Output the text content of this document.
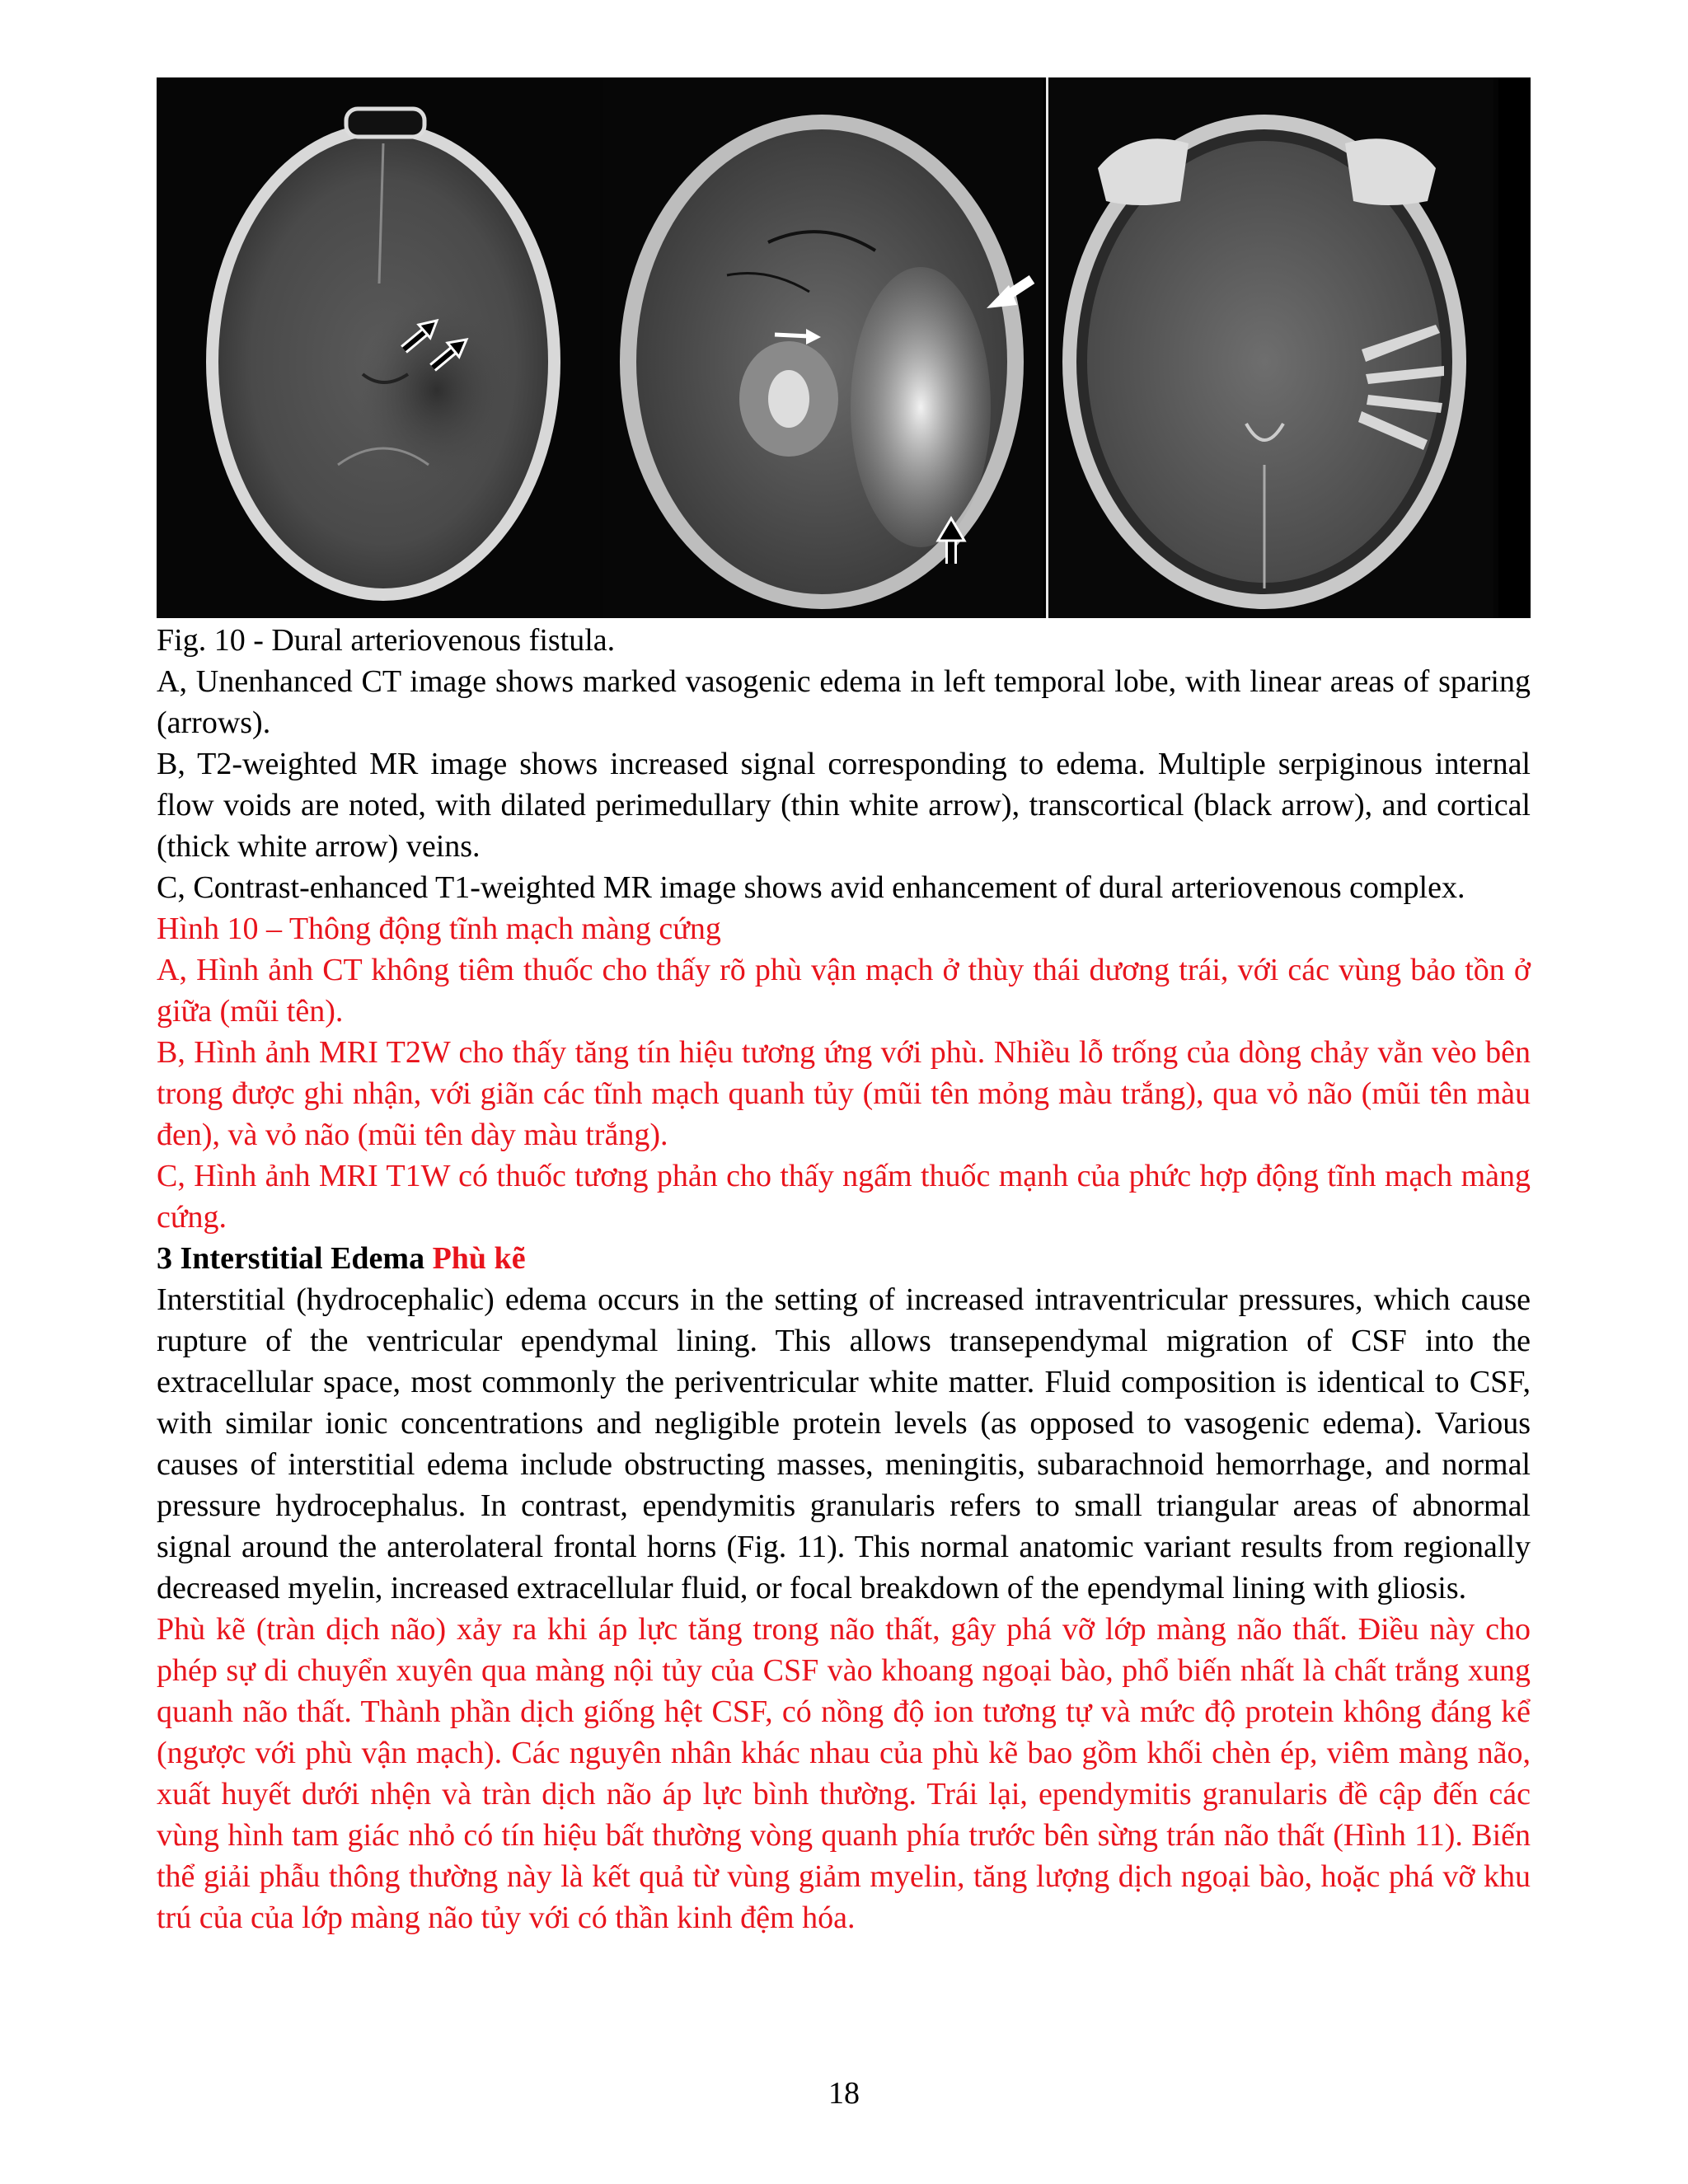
Fig. 10 - Dural arteriovenous fistula.

A, Unenhanced CT image shows marked vasogenic edema in left temporal lobe, with linear areas of sparing (arrows).

B, T2-weighted MR image shows increased signal corresponding to edema. Multiple serpiginous internal flow voids are noted, with dilated perimedullary (thin white arrow), transcortical (black arrow), and cortical (thick white arrow) veins.

C, Contrast-enhanced T1-weighted MR image shows avid enhancement of dural arteriovenous complex.

Hình 10 – Thông động tĩnh mạch màng cứng

A, Hình ảnh CT không tiêm thuốc cho thấy rõ phù vận mạch ở thùy thái dương trái, với các vùng bảo tồn ở giữa (mũi tên).

B, Hình ảnh MRI T2W cho thấy tăng tín hiệu tương ứng với phù. Nhiều lỗ trống của dòng chảy vằn vèo bên trong được ghi nhận, với giãn các tĩnh mạch quanh tủy (mũi tên mỏng màu trắng), qua vỏ não (mũi tên màu đen), và vỏ não (mũi tên dày màu trắng).

C, Hình ảnh MRI T1W có thuốc tương phản cho thấy ngấm thuốc mạnh của phức hợp động tĩnh mạch màng cứng.

3 Interstitial Edema Phù kẽ

Interstitial (hydrocephalic) edema occurs in the setting of increased intraventricular pressures, which cause rupture of the ventricular ependymal lining. This allows transependymal migration of CSF into the extracellular space, most commonly the periventricular white matter. Fluid composition is identical to CSF, with similar ionic concentrations and negligible protein levels (as opposed to vasogenic edema). Various causes of interstitial edema include obstructing masses, meningitis, subarachnoid hemorrhage, and normal pressure hydrocephalus. In contrast, ependymitis granularis refers to small triangular areas of abnormal signal around the anterolateral frontal horns (Fig. 11). This normal anatomic variant results from regionally decreased myelin, increased extracellular fluid, or focal breakdown of the ependymal lining with gliosis.

Phù kẽ (tràn dịch não) xảy ra khi áp lực tăng trong não thất, gây phá vỡ lớp màng não thất. Điều này cho phép sự di chuyển xuyên qua màng nội tủy của CSF vào khoang ngoại bào, phổ biến nhất là chất trắng xung quanh não thất. Thành phần dịch giống hệt CSF, có nồng độ ion tương tự và mức độ protein không đáng kể (ngược với phù vận mạch). Các nguyên nhân khác nhau của phù kẽ bao gồm khối chèn ép, viêm màng não, xuất huyết dưới nhện và tràn dịch não áp lực bình thường. Trái lại, ependymitis granularis đề cập đến các vùng hình tam giác nhỏ có tín hiệu bất thường vòng quanh phía trước bên sừng trán não thất (Hình 11). Biến thể giải phẫu thông thường này là kết quả từ vùng giảm myelin, tăng lượng dịch ngoại bào, hoặc phá vỡ khu trú của của lớp màng não tủy với có thần kinh đệm hóa.

18
